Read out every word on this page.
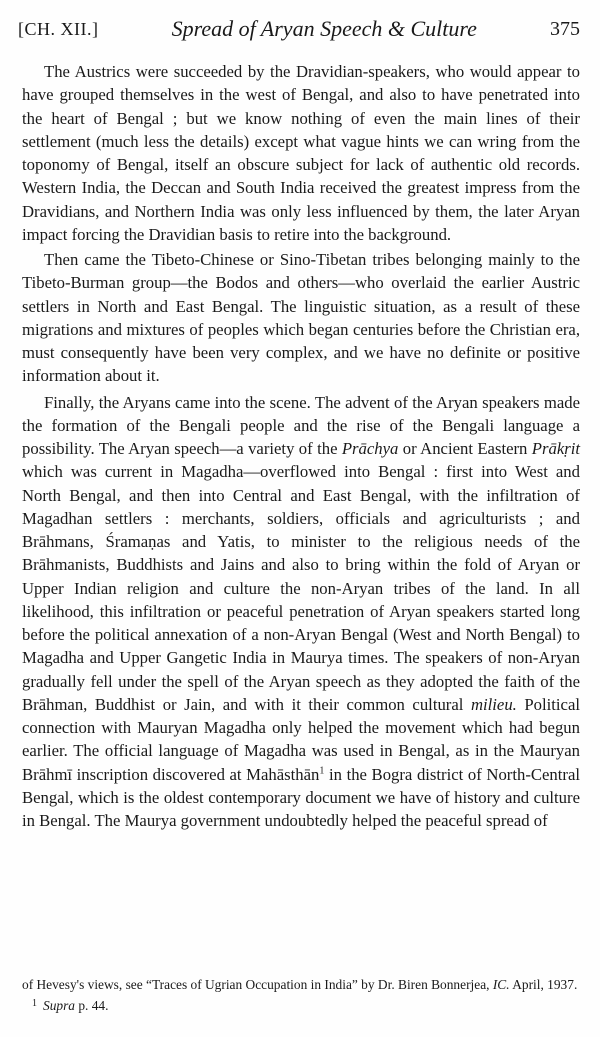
[CH. XII.]	Spread of Aryan Speech & Culture	375

The Austrics were succeeded by the Dravidian-speakers, who would appear to have grouped themselves in the west of Bengal, and also to have penetrated into the heart of Bengal ; but we know nothing of even the main lines of their settlement (much less the details) except what vague hints we can wring from the toponomy of Bengal, itself an obscure subject for lack of authentic old records. Western India, the Deccan and South India received the greatest impress from the Dravidians, and Northern India was only less influenced by them, the later Aryan impact forcing the Dravidian basis to retire into the background.

Then came the Tibeto-Chinese or Sino-Tibetan tribes belonging mainly to the Tibeto-Burman group—the Bodos and others—who overlaid the earlier Austric settlers in North and East Bengal. The linguistic situation, as a result of these migrations and mixtures of peoples which began centuries before the Christian era, must consequently have been very complex, and we have no definite or positive information about it.

Finally, the Aryans came into the scene. The advent of the Aryan speakers made the formation of the Bengali people and the rise of the Bengali language a possibility. The Aryan speech—a variety of the Prāchya or Ancient Eastern Prākṛit which was current in Magadha—overflowed into Bengal : first into West and North Bengal, and then into Central and East Bengal, with the infiltration of Magadhan settlers : merchants, soldiers, officials and agriculturists ; and Brāhmans, Śramaṇas and Yatis, to minister to the religious needs of the Brāhmanists, Buddhists and Jains and also to bring within the fold of Aryan or Upper Indian religion and culture the non-Aryan tribes of the land. In all likelihood, this infiltration or peaceful penetration of Aryan speakers started long before the political annexation of a non-Aryan Bengal (West and North Bengal) to Magadha and Upper Gangetic India in Maurya times. The speakers of non-Aryan gradually fell under the spell of the Aryan speech as they adopted the faith of the Brāhman, Buddhist or Jain, and with it their common cultural milieu. Political connection with Mauryan Magadha only helped the movement which had begun earlier. The official language of Magadha was used in Bengal, as in the Mauryan Brāhmī inscription discovered at Mahāsthān$^1$ in the Bogra district of North-Central Bengal, which is the oldest contemporary document we have of history and culture in Bengal. The Maurya government undoubtedly helped the peaceful spread of

of Hevesy's views, see “Traces of Ugrian Occupation in India” by Dr. Biren Bonnerjea, IC. April, 1937.

$^1$ Supra p. 44.
